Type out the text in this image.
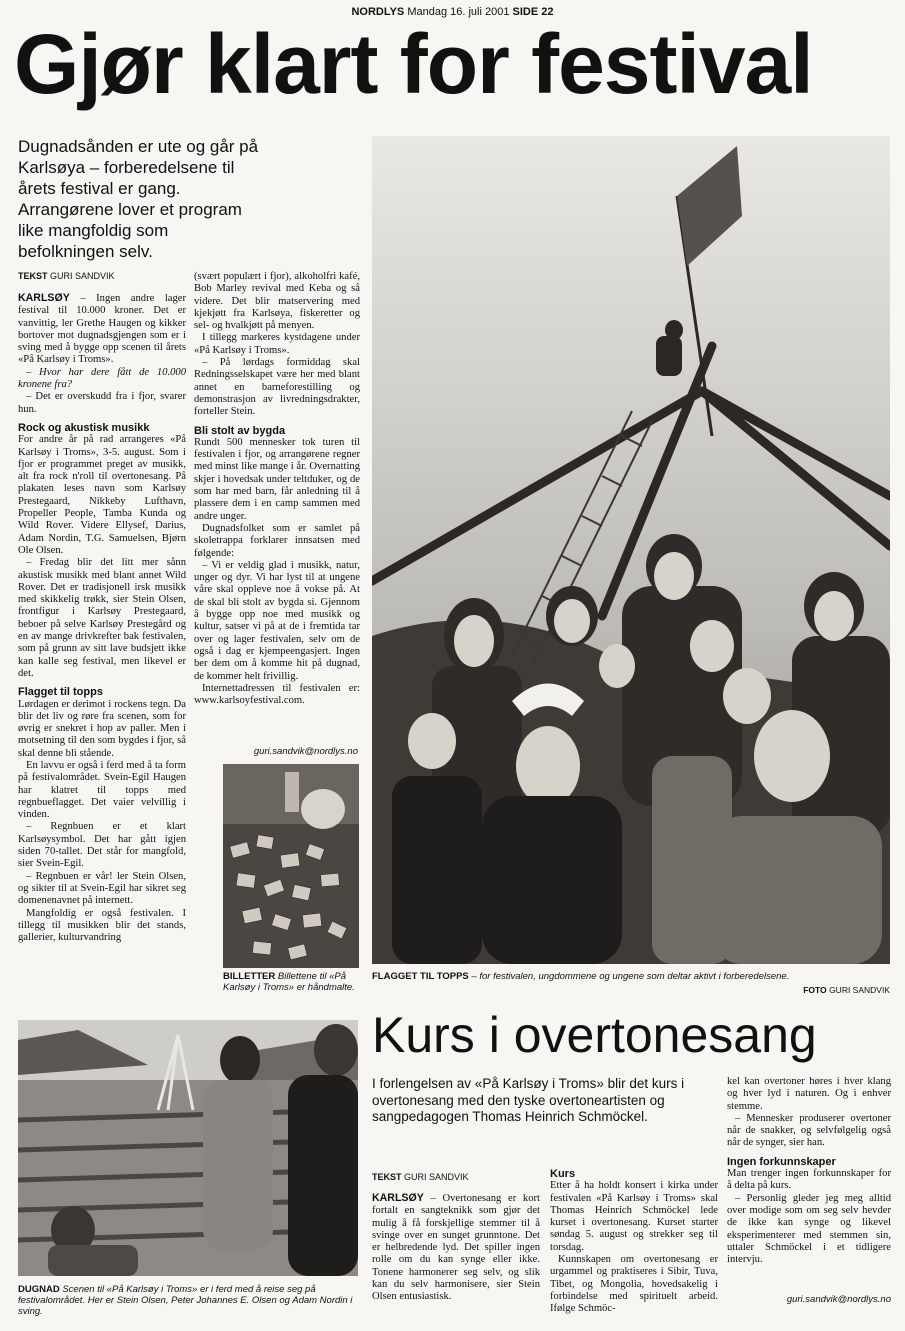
NORDLYS Mandag 16. juli 2001 SIDE 22
Gjør klart for festival
Dugnadsånden er ute og går på Karlsøya – forberedelsene til årets festival er gang. Arrangørene lover et program like mangfoldig som befolkningen selv.
TEKST GURI SANDVIK

KARLSØY – Ingen andre lager festival til 10.000 kroner. Det er vanvittig, ler Grethe Haugen og kikker bortover mot dugnadsgjengen som er i sving med å bygge opp scenen til årets «På Karlsøy i Troms».

– Hvor har dere fått de 10.000 kronene fra?

– Det er overskudd fra i fjor, svarer hun.

Rock og akustisk musikk

For andre år på rad arrangeres «På Karlsøy i Troms», 3-5. august. Som i fjor er programmet preget av musikk, alt fra rock n'roll til overtonesang. På plakaten leses navn som Karlsøy Prestegaard, Nikkeby Lufthavn, Propeller People, Tamba Kunda og Wild Rover. Videre Ellysef, Darius, Adam Nordin, T.G. Samuelsen, Bjørn Ole Olsen.

– Fredag blir det litt mer sånn akustisk musikk med blant annet Wild Rover. Det er tradisjonell irsk musikk med skikkelig trøkk, sier Stein Olsen, frontfigur i Karlsøy Prestegaard, beboer på selve Karlsøy Prestegård og en av mange drivkrefter bak festivalen, som på grunn av sitt lave budsjett ikke kan kalle seg festival, men likevel er det.

Flagget til topps

Lørdagen er derimot i rockens tegn. Da blir det liv og røre fra scenen, som for øvrig er snekret i hop av paller. Men i motsetning til den som bygdes i fjor, så skal denne bli stående.

En lavvu er også i ferd med å ta form på festivalområdet. Svein-Egil Haugen har klatret til topps med regnbueflagget. Det vaier velvillig i vinden.

– Regnbuen er et klart Karlsøysymbol. Det har gått igjen siden 70-tallet. Det står for mangfold, sier Svein-Egil.

– Regnbuen er vår! ler Stein Olsen, og sikter til at Svein-Egil har sikret seg domenenavnet på internett.

Mangfoldig er også festivalen. I tillegg til musikken blir det stands, gallerier, kulturvandring

(svært populært i fjor), alkoholfri kafé, Bob Marley revival med Keba og så videre. Det blir matservering med kjekjøtt fra Karlsøya, fiskeretter og sel- og hvalkjøtt på menyen.

I tillegg markeres kystdagene under «På Karlsøy i Troms».

– På lørdags formiddag skal Redningsselskapet være her med blant annet en barneforestilling og demonstrasjon av livredningsdrakter, forteller Stein.

Bli stolt av bygda

Rundt 500 mennesker tok turen til festivalen i fjor, og arrangørene regner med minst like mange i år. Overnatting skjer i hovedsak under teltduker, og de som har med barn, får anledning til å plassere dem i en camp sammen med andre unger.

Dugnadsfolket som er samlet på skoletrappa forklarer innsatsen med følgende:

– Vi er veldig glad i musikk, natur, unger og dyr. Vi har lyst til at ungene våre skal oppleve noe å vokse på. At de skal bli stolt av bygda si. Gjennom å bygge opp noe med musikk og kultur, satser vi på at de i fremtida tar over og lager festivalen, selv om de også i dag er kjempeengasjert. Ingen ber dem om å komme hit på dugnad, de kommer helt frivillig.

Internettadressen til festivalen er: www.karlsoyfestival.com.

guri.sandvik@nordlys.no
BILLETTER Billettene til «På Karlsøy i Troms» er håndmalte.
FLAGGET TIL TOPPS – for festivalen, ungdommene og ungene som deltar aktivt i forberedelsene.
FOTO GURI SANDVIK
DUGNAD Scenen til «På Karlsøy i Troms» er i ferd med å reise seg på festivalområdet. Her er Stein Olsen, Peter Johannes E. Olsen og Adam Nordin i sving.
Kurs i overtonesang
I forlengelsen av «På Karlsøy i Troms» blir det kurs i overtonesang med den tyske overtoneartisten og sangpedagogen Thomas Heinrich Schmöckel.
TEKST GURI SANDVIK

KARLSØY – Overtonesang er kort fortalt en sangteknikk som gjør det mulig å få forskjellige stemmer til å svinge over en sunget grunntone. Det er helbredende lyd. Det spiller ingen rolle om du kan synge eller ikke. Tonene harmonerer seg selv, og slik kan du selv harmonisere, sier Stein Olsen entusiastisk.

Kurs

Etter å ha holdt konsert i kirka under festivalen «På Karlsøy i Troms» skal Thomas Heinrich Schmöckel lede kurset i overtonesang. Kurset starter søndag 5. august og strekker seg til torsdag.

Kunnskapen om overtonesang er urgammel og praktiseres i Sibir, Tuva, Tibet, og Mongolia, hovedsakelig i forbindelse med spirituelt arbeid. Ifølge Schmöc-

kel kan overtoner høres i hver klang og hver lyd i naturen. Og i enhver stemme.

– Mennesker produserer overtoner når de snakker, og selvfølgelig også når de synger, sier han.

Ingen forkunnskaper

Man trenger ingen forkunnskaper for å delta på kurs.

– Personlig gleder jeg meg alltid over modige som om seg selv hevder de ikke kan synge og likevel eksperimenterer med stemmen sin, uttaler Schmöckel i et tidligere intervju.

guri.sandvik@nordlys.no
